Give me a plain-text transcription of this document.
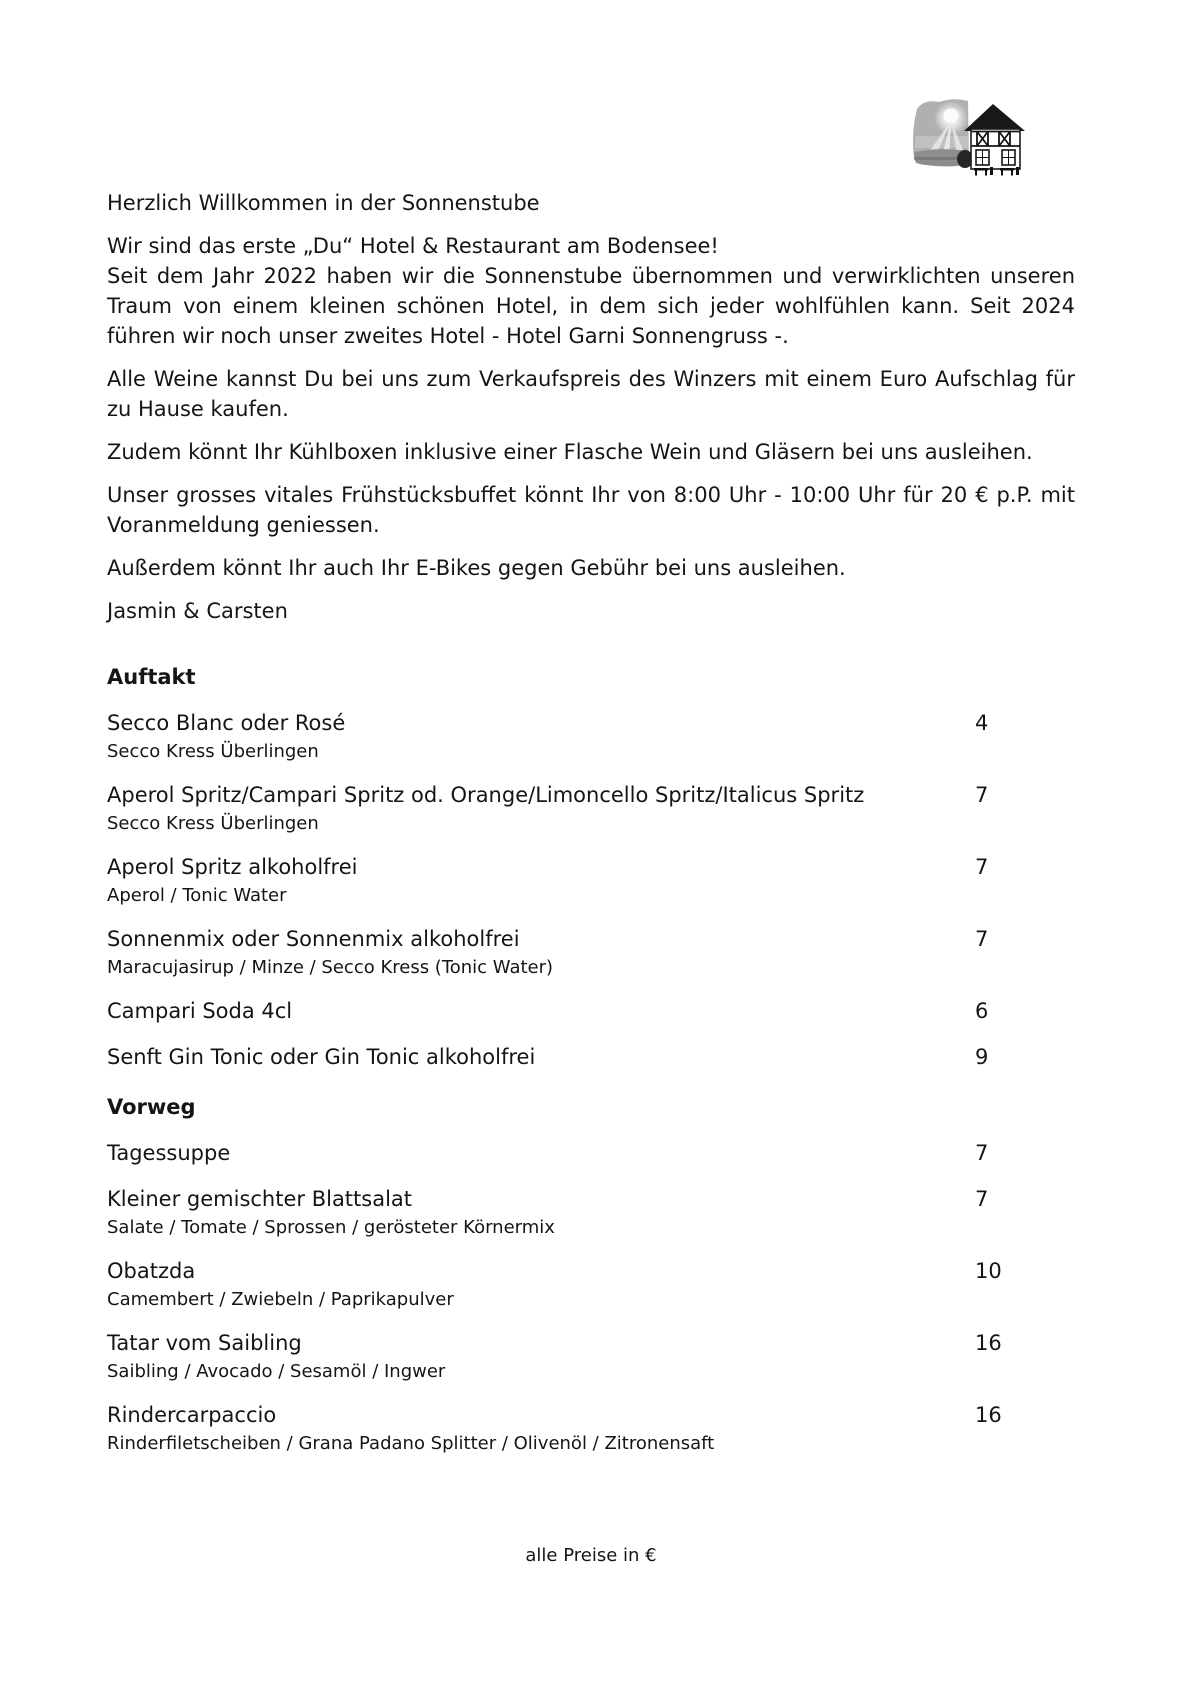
Herzlich Willkommen in der Sonnenstube

Wir sind das erste „Du“ Hotel & Restaurant am Bodensee!
Seit dem Jahr 2022 haben wir die Sonnenstube übernommen und verwirklichten unseren Traum von einem kleinen schönen Hotel, in dem sich jeder wohlfühlen kann. Seit 2024 führen wir noch unser zweites Hotel - Hotel Garni Sonnengruss -.

Alle Weine kannst Du bei uns zum Verkaufspreis des Winzers mit einem Euro Aufschlag für zu Hause kaufen.

Zudem könnt Ihr Kühlboxen inklusive einer Flasche Wein und Gläsern bei uns ausleihen.

Unser grosses vitales Frühstücksbuffet könnt Ihr von 8:00 Uhr - 10:00 Uhr für 20 € p.P. mit Voranmeldung geniessen.

Außerdem könnt Ihr auch Ihr E-Bikes gegen Gebühr bei uns ausleihen.

Jasmin & Carsten

Auftakt
Secco Blanc oder Rosé	4
Secco Kress Überlingen
Aperol Spritz/Campari Spritz od. Orange/Limoncello Spritz/Italicus Spritz	7
Secco Kress Überlingen
Aperol Spritz alkoholfrei	7
Aperol / Tonic Water
Sonnenmix oder Sonnenmix alkoholfrei	7
Maracujasirup / Minze / Secco Kress (Tonic Water)
Campari Soda 4cl	6
Senft Gin Tonic oder Gin Tonic alkoholfrei	9
Vorweg
Tagessuppe	7
Kleiner gemischter Blattsalat	7
Salate / Tomate / Sprossen / gerösteter Körnermix
Obatzda	10
Camembert / Zwiebeln / Paprikapulver
Tatar vom Saibling	16
Saibling / Avocado / Sesamöl / Ingwer
Rindercarpaccio	16
Rinderfiletscheiben / Grana Padano Splitter / Olivenöl / Zitronensaft
alle Preise in €
